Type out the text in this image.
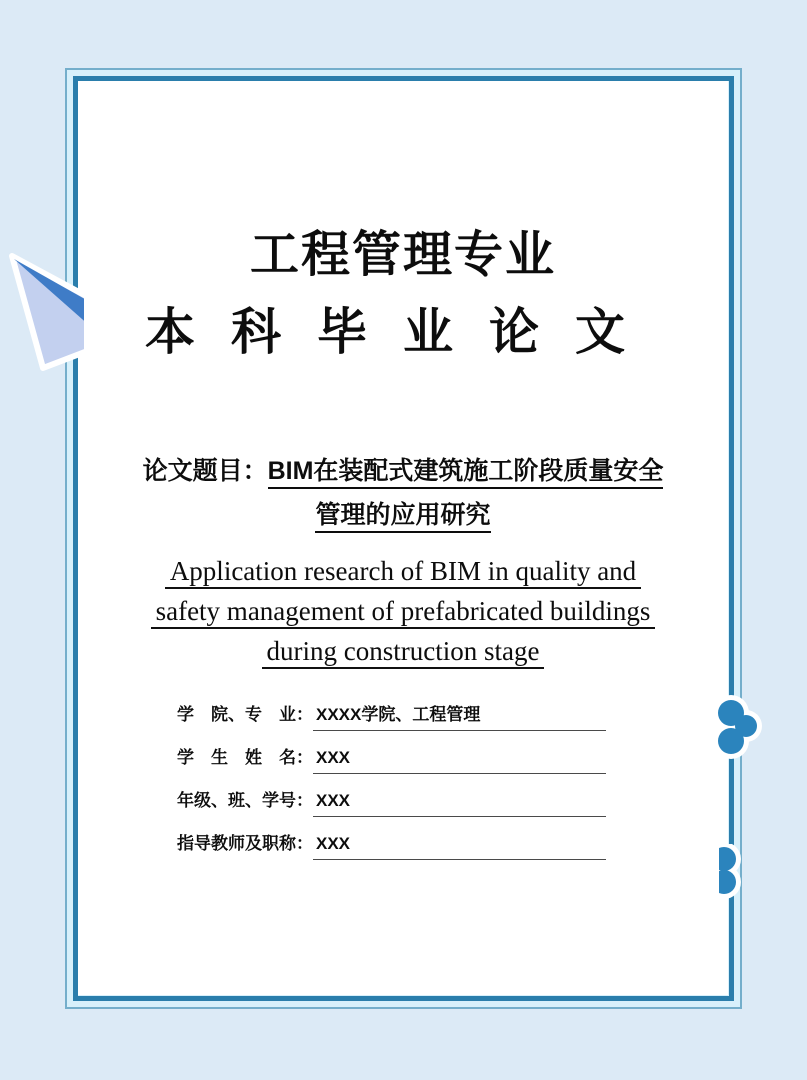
工程管理专业
本科毕业论文
论文题目：BIM在装配式建筑施工阶段质量安全
管理的应用研究
Application research of BIM in quality and
safety management of prefabricated buildings
during construction stage
学　院、专　业： XXXX学院、工程管理
学　生　姓　名： XXX
年级、班、学号： XXX
指导教师及职称： XXX
